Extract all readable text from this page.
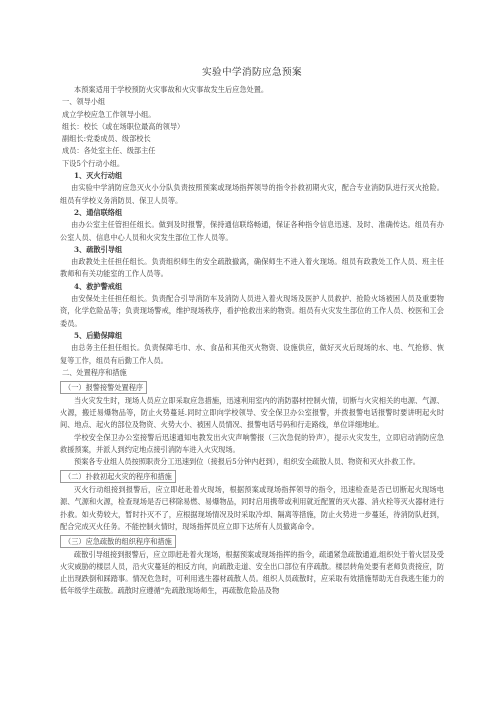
实验中学消防应急预案

本预案适用于学校预防火灾事故和火灾事故发生后应急处置。

一、领导小组

成立学校应急工作领导小组。

组长：校长（或在场职位最高的领导）

副组长:党委成员、级部校长

成员：各处室主任、级部主任

下设5个行动小组。

1、灭火行动组

由实验中学消防应急灭火小分队负责按照预案或现场指挥领导的指令扑救初期火灾，配合专业消防队进行灭火抢险。组员有学校义务消防员、保卫人员等。

2、通信联络组

由办公室主任管担任组长。做到及时报警，保持通信联络畅通，保证各种指令信息迅速、及时、准确传达。组员有办公室人员、信息中心人员和火灾发生部位工作人员等。

3、疏散引导组

由政教处主任担任组长。负责组织师生的安全疏散撤离，确保师生不进入着火现场。组员有政教处工作人员、班主任教师和有关功能室的工作人员等。

4、救护警戒组

由安保处主任担任组长。负责配合引导消防车及消防人员进入着火现场及医护人员救护、抢险火场被困人员及重要物资，化学危险品等；负责现场警戒，维护现场秩序，看护抢救出来的物资。组员有火灾发生部位的工作人员、校医和工会委员。

5、后勤保障组

由总务主任担任组长。负责保障毛巾、水、食品和其他灭火物资、设施供应，做好灭火后现场的水、电、气抢修、恢复等工作，组员有后勤工作人员。

二、处置程序和措施

（一）报警接警处置程序

当火灾发生时，现场人员应立即采取应急措施，迅速利用室内的消防器材控制火情，切断与火灾相关的电源、气源、火源，搬迁易爆物品等，防止火势蔓延.同时立即向学校领导、安全保卫办公室报警，并拨报警电话报警时要讲明起火时间、地点、起火的部位及物资、火势大小、被困人员情况、报警电话号码和行走路线，单位详细地址。

学校安全保卫办公室接警后迅速通知电教发出火灾声响警报（三次急促的铃声），提示火灾发生，立即启动消防应急救援预案，并派人到约定地点接引消防车进入火灾现场。

预案各专业组人员按照职责分工迅速到位（接报后5分钟内赶到），组织安全疏散人员、物资和灭火扑救工作。

（二）扑救初起火灾的程序和措施

灭火行动组接到报警后，应立即赶赴着火现场，根据预案或现场指挥领导的指令，迅速检查是否已切断起火现场电源、气源和火源，检查现场是否已移除易燃、易爆物品，同时启用携带或利用就近配置的灭火器、消火栓等灭火器材进行扑救。如火势较大，暂时扑灭不了，应根据现场情况及时采取冷却、隔离等措施，防止火势进一步蔓延，待消防队赶到，配合完成灭火任务。不能控制火情时，现场指挥员应立即下达所有人员撤离命令。

（三）应急疏散的组织程序和措施

疏散引导组接到报警后，应立即赶赴着火现场，根据预案或现场指挥的指令，疏通紧急疏散通道,组织处于着火层及受火灾威胁的楼层人员，沿火灾蔓延的相反方向，向疏散走道、安全出口部位有序疏散。楼层转角处要有老师负责接应，防止出现跌倒和踩踏事。情况危急时，可利用逃生器材疏散人员。组织人员疏散时，应采取有效措施帮助无自我逃生能力的低年级学生疏散。疏散时应遵循“先疏散现场师生，再疏散危险品及物
